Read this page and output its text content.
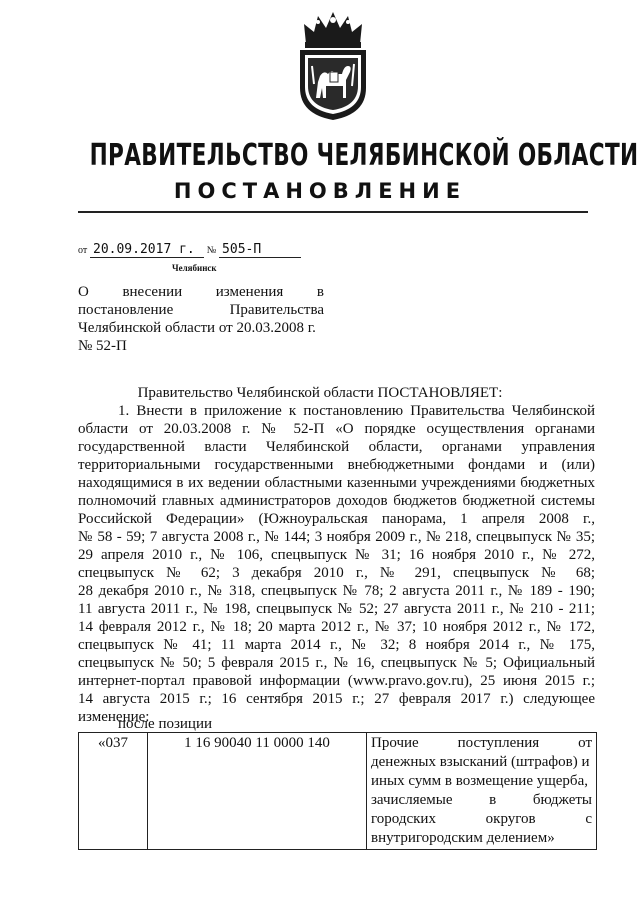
ПРАВИТЕЛЬСТВО ЧЕЛЯБИНСКОЙ ОБЛАСТИ
ПОСТАНОВЛЕНИЕ
от 20.09.2017 г. № 505-П
Челябинск

О внесении изменения в

постановление Правительства

Челябинской области от 20.03.2008 г.

№ 52-П

Правительство Челябинской области ПОСТАНОВЛЯЕТ:
1. Внести в приложение к постановлению Правительства Челябинской
области от 20.03.2008 г. № 52-П «О порядке осуществления органами
государственной власти Челябинской области, органами управления
территориальными государственными внебюджетными фондами и (или)
находящимися в их ведении областными казенными учреждениями бюджетных
полномочий главных администраторов доходов бюджетов бюджетной системы
Российской Федерации» (Южноуральская панорама, 1 апреля 2008 г.,
№ 58 - 59; 7 августа 2008 г., № 144; 3 ноября 2009 г., № 218, спецвыпуск № 35;
29 апреля 2010 г., № 106, спецвыпуск № 31; 16 ноября 2010 г., № 272,
спецвыпуск № 62; 3 декабря 2010 г., № 291, спецвыпуск № 68;
28 декабря 2010 г., № 318, спецвыпуск № 78; 2 августа 2011 г., № 189 - 190;
11 августа 2011 г., № 198, спецвыпуск № 52; 27 августа 2011 г., № 210 - 211;
14 февраля 2012 г., № 18; 20 марта 2012 г., № 37; 10 ноября 2012 г., № 172,
спецвыпуск № 41; 11 марта 2014 г., № 32; 8 ноября 2014 г., № 175,
спецвыпуск № 50; 5 февраля 2015 г., № 16, спецвыпуск № 5; Официальный
интернет-портал правовой информации (www.pravo.gov.ru), 25 июня 2015 г.;
14 августа 2015 г.; 16 сентября 2015 г.; 27 февраля 2017 г.) следующее
изменение:
после позиции
«037	1 16 90040 11 0000 140	Прочие поступления от
денежных взысканий (штрафов) и
иных сумм в возмещение ущерба,
зачисляемые в бюджеты
городских округов с
внутригородским делением»
